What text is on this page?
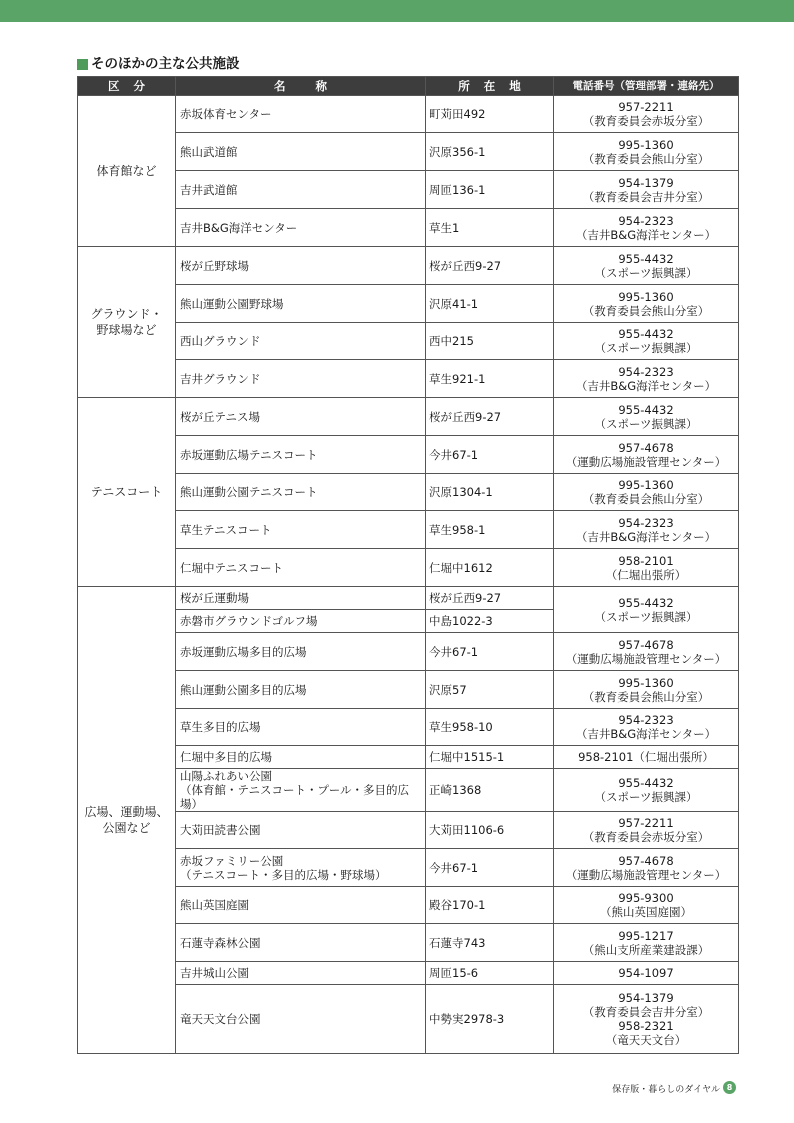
そのほかの主な公共施設
区分	名称	所在地	電話番号（管理部署・連絡先）

体育館など	赤坂体育センター	町苅田492	957-2211
（教育委員会赤坂分室）

	熊山武道館	沢原356-1	995-1360
（教育委員会熊山分室）

	吉井武道館	周匝136-1	954-1379
（教育委員会吉井分室）

	吉井B&G海洋センター	草生1	954-2323
（吉井B&G海洋センター）

グラウンド・
野球場など	桜が丘野球場	桜が丘西9-27	955-4432
（スポーツ振興課）

	熊山運動公園野球場	沢原41-1	995-1360
（教育委員会熊山分室）

	西山グラウンド	西中215	955-4432
（スポーツ振興課）

	吉井グラウンド	草生921-1	954-2323
（吉井B&G海洋センター）

テニスコート	桜が丘テニス場	桜が丘西9-27	955-4432
（スポーツ振興課）

	赤坂運動広場テニスコート	今井67-1	957-4678
（運動広場施設管理センター）

	熊山運動公園テニスコート	沢原1304-1	995-1360
（教育委員会熊山分室）

	草生テニスコート	草生958-1	954-2323
（吉井B&G海洋センター）

	仁堀中テニスコート	仁堀中1612	958-2101
（仁堀出張所）

広場、運動場、
公園など	桜が丘運動場	桜が丘西9-27	955-4432
（スポーツ振興課）

	赤磐市グラウンドゴルフ場	中島1022-3	

	赤坂運動広場多目的広場	今井67-1	957-4678
（運動広場施設管理センター）

	熊山運動公園多目的広場	沢原57	995-1360
（教育委員会熊山分室）

	草生多目的広場	草生958-10	954-2323
（吉井B&G海洋センター）

	仁堀中多目的広場	仁堀中1515-1	958-2101（仁堀出張所）

	山陽ふれあい公園
（体育館・テニスコート・プール・多目的広場）	正崎1368	955-4432
（スポーツ振興課）

	大苅田読書公園	大苅田1106-6	957-2211
（教育委員会赤坂分室）

	赤坂ファミリー公園
（テニスコート・多目的広場・野球場）	今井67-1	957-4678
（運動広場施設管理センター）

	熊山英国庭園	殿谷170-1	995-9300
（熊山英国庭園）

	石蓮寺森林公園	石蓮寺743	995-1217
（熊山支所産業建設課）

	吉井城山公園	周匝15-6	954-1097

	竜天天文台公園	中勢実2978-3	954-1379
（教育委員会吉井分室）
958-2321
（竜天天文台）
保存版・暮らしのダイヤル 8
